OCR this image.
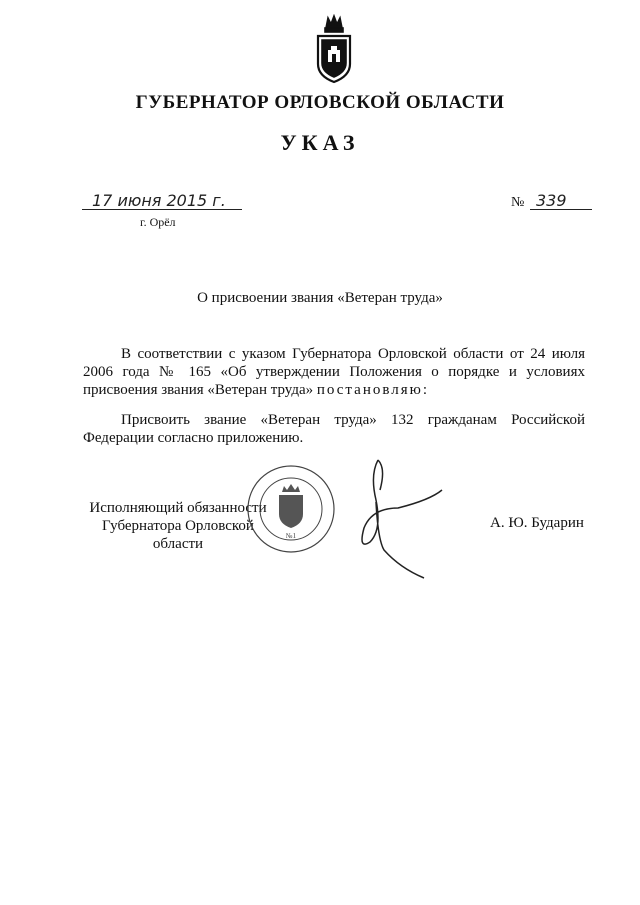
ГУБЕРНАТОР ОРЛОВСКОЙ ОБЛАСТИ
УКАЗ
17 июня 2015 г.
г. Орёл
№ 339
О присвоении звания «Ветеран труда»
В соответствии с указом Губернатора Орловской области от 24 июля 2006 года № 165 «Об утверждении Положения о порядке и условиях присвоения звания «Ветеран труда» постановляю:
Присвоить звание «Ветеран труда» 132 гражданам Российской Федерации согласно приложению.
Исполняющий обязанности
Губернатора Орловской области
А. Ю. Бударин
№1
